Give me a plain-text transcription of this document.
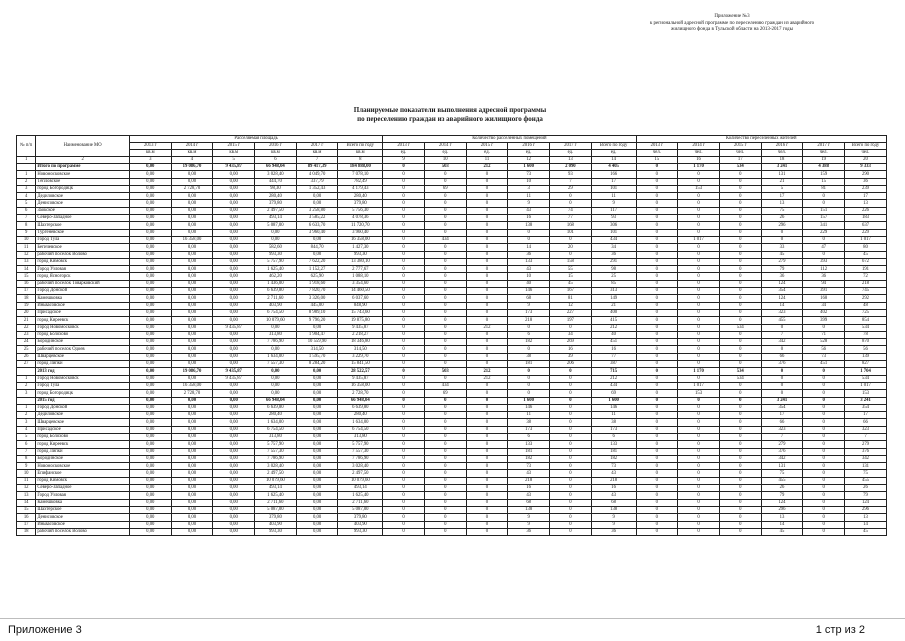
Приложение №3
к региональной адресной программе по переселению граждан из аварийного
жилищного фонда в Тульской области на 2013-2017 годы
Планируемые показатели выполнения адресной программы
по переселению граждан из аварийного жилищного фонда
№ п/п	Наименование МО	Расселяемая площадь						Количество расселенных помещений						Количество переселенных жителей					
		2013 г	2014 г	2015 г	2016 г	2017 г	Всего по году	2013 г	2014 г	2015 г	2016 г	2017 г	Всего по году	2013 г	2014 г	2015 г	2016 г	2017 г	Всего по году
		кв.м	кв.м	кв.м	кв.м	кв.м	кв.м	ед.	ед.	ед.	ед.	ед.	ед.	чел.	чел.	чел.	чел.	чел.	чел.
1	2	3	4	5	6	7	8	9	10	11	12	13	14	15	16	17	18	19	20
	Итого по программе	0,00	19 086,70	9 435,87	66 948,04	89 417,39	184 888,00	0	503	212	1 600	2 090	4 405	0	1 170	534	3 241	4 388	9 333
1	Новомосковское	0,00	0,00	0,00	3 028,40	4 049,70	7 078,10	0	0	0	73	93	166	0	0	0	131	159	290
2	Тёпловское	0,00	0,00	0,00	444,70	337,79	782,49	0	0	0	10	7	17	0	0	0	21	15	36
3	город Богородицк	0,00	2 728,70	0,00	98,30	1 352,43	4 179,43	0	69	0	3	29	101	0	153	0	5	81	239
4	Дедиловское	0,00	0,00	0,00	280,40	0,00	280,40	0	0	0	11	0	11	0	0	0	17	0	17
5	Денисовское	0,00	0,00	0,00	379,80	0,00	379,80	0	0	0	9	0	9	0	0	0	13	0	13
6	Заокское	0,00	0,00	0,00	2 497,50	3 258,80	5 756,30	0	0	0	43	74	117	0	0	0	75	151	226
7	Северо-Западное	0,00	0,00	0,00	493,14	3 585,22	4 078,36	0	0	0	16	77	93	0	0	0	26	157	183
8	Шахтерское	0,00	0,00	0,00	5 087,00	6 633,70	11 720,70	0	0	0	138	168	306	0	0	0	296	341	637
9	Тургеневское	0,00	0,00	0,00	0,00	3 960,40	3 960,40	0	0	0	0	101	101	0	0	0	0	229	229
10	Город Тула	0,00	16 358,00	0,00	0,00	0,00	16 358,00	0	434	0	0	0	434	0	1 017	0	0	0	1 017
11	Бегичевское	0,00	0,00	0,00	582,60	844,70	1 427,30	0	0	0	14	20	34	0	0	0	33	47	80
12	рабочий поселок Волово	0,00	0,00	0,00	993,30	0,00	993,30	0	0	0	36	0	36	0	0	0	45	0	45
13	город Кимовск	0,00	0,00	0,00	5 757,90	7 622,20	13 380,10	0	0	0	133	158	291	0	0	0	279	393	672
14	Город Узловая	0,00	0,00	0,00	1 625,40	1 152,27	2 777,67	0	0	0	43	55	98	0	0	0	79	112	191
15	город Ясногорск	0,00	0,00	0,00	462,20	625,90	1 088,10	0	0	0	10	15	25	0	0	0	36	36	72
16	рабочий поселок Товарковский	0,00	0,00	0,00	1 436,00	1 918,60	3 354,60	0	0	0	40	45	85	0	0	0	124	94	218
17	Город Донской	0,00	0,00	0,00	6 639,80	7 820,70	14 460,50	0	0	0	146	167	313	0	0	0	354	391	745
18	Камешковка	0,00	0,00	0,00	2 711,60	3 326,00	6 037,60	0	0	0	68	81	149	0	0	0	124	168	292
19	Иньвасовское	0,00	0,00	0,00	403,90	445,00	848,90	0	0	0	9	12	21	0	0	0	14	34	48
20	Присадское	0,00	0,00	0,00	6 754,50	8 989,10	15 743,60	0	0	0	173	227	400	0	0	0	323	402	725
21	город Киреевск	0,00	0,00	0,00	10 079,60	9 796,20	19 875,80	0	0	0	218	197	415	0	0	0	455	399	854
22	Город Новомосковск	0,00	0,00	9 435,87	0,00	0,00	9 435,87	0	0	212	0	0	212	0	0	534	0	0	534
23	город Болохово	0,00	0,00	0,00	313,80	1 904,47	2 218,27	0	0	0	6	34	40	0	0	0	7	71	78
24	Бородинское	0,00	0,00	0,00	7 786,90	10 559,90	18 346,80	0	0	0	182	269	451	0	0	0	342	528	870
25	рабочий поселок Одоев	0,00	0,00	0,00	0,00	314,50	314,50	0	0	0	0	16	16	0	0	0	0	56	56
26	Шварцевское	0,00	0,00	0,00	1 634,00	1 595,70	3 229,70	0	0	0	38	39	77	0	0	0	66	73	139
27	город Липки	0,00	0,00	0,00	7 557,30	8 284,20	15 841,50	0	0	0	181	206	387	0	0	0	376	451	827
	2013 год	0,00	19 086,70	9 435,87	0,00	0,00	28 522,57	0	503	212	0	0	715	0	1 170	534	0	0	1 704
1	Город Новомосковск	0,00	0,00	9 435,87	0,00	0,00	9 435,87	0	0	212	0	0	212	0	0	534	0	0	534
2	Город Тула	0,00	16 358,00	0,00	0,00	0,00	16 358,00	0	434	0	0	0	434	0	1 017	0	0	0	1 017
3	город Богородицк	0,00	2 728,70	0,00	0,00	0,00	2 728,70	0	69	0	0	0	69	0	153	0	0	0	153
	2015 год	0,00	0,00	0,00	66 948,04	0,00	66 948,04	0	0	0	1 600	0	1 600	0	0	0	3 241	0	3 241
1	Город Донской	0,00	0,00	0,00	6 639,80	0,00	6 639,80	0	0	0	146	0	146	0	0	0	354	0	354
2	Дедиловское	0,00	0,00	0,00	280,40	0,00	280,40	0	0	0	11	0	11	0	0	0	17	0	17
3	Шварцевское	0,00	0,00	0,00	1 634,00	0,00	1 634,00	0	0	0	38	0	38	0	0	0	66	0	66
4	Присадское	0,00	0,00	0,00	6 754,50	0,00	6 754,50	0	0	0	173	0	173	0	0	0	323	0	323
5	город Болохово	0,00	0,00	0,00	313,80	0,00	313,80	0	0	0	6	0	6	0	0	0	7	0	7
6	город Киреевск	0,00	0,00	0,00	5 757,90	0,00	5 757,90	0	0	0	133	0	133	0	0	0	279	0	279
7	город Липки	0,00	0,00	0,00	7 557,30	0,00	7 557,30	0	0	0	181	0	181	0	0	0	376	0	376
8	Бородинское	0,00	0,00	0,00	7 786,90	0,00	7 786,90	0	0	0	182	0	182	0	0	0	342	0	342
9	Новомосковское	0,00	0,00	0,00	3 028,40	0,00	3 028,40	0	0	0	73	0	73	0	0	0	131	0	131
10	Епифанское	0,00	0,00	0,00	2 497,50	0,00	2 497,50	0	0	0	43	0	43	0	0	0	75	0	75
11	город Кимовск	0,00	0,00	0,00	10 079,60	0,00	10 079,60	0	0	0	218	0	218	0	0	0	455	0	455
12	Северо-Западное	0,00	0,00	0,00	493,14	0,00	493,14	0	0	0	16	0	16	0	0	0	26	0	26
13	Город Узловая	0,00	0,00	0,00	1 625,40	0,00	1 625,40	0	0	0	43	0	43	0	0	0	79	0	79
14	Камешковка	0,00	0,00	0,00	2 711,60	0,00	2 711,60	0	0	0	68	0	68	0	0	0	124	0	124
15	Шахтерское	0,00	0,00	0,00	5 087,00	0,00	5 087,00	0	0	0	138	0	138	0	0	0	296	0	296
16	Денисовское	0,00	0,00	0,00	379,80	0,00	379,80	0	0	0	9	0	9	0	0	0	13	0	13
17	Иньвасовское	0,00	0,00	0,00	403,90	0,00	403,90	0	0	0	9	0	9	0	0	0	14	0	14
18	рабочий поселок Волово	0,00	0,00	0,00	993,30	0,00	993,30	0	0	0	36	0	36	0	0	0	45	0	45
Приложение 3	1 стр из 2
